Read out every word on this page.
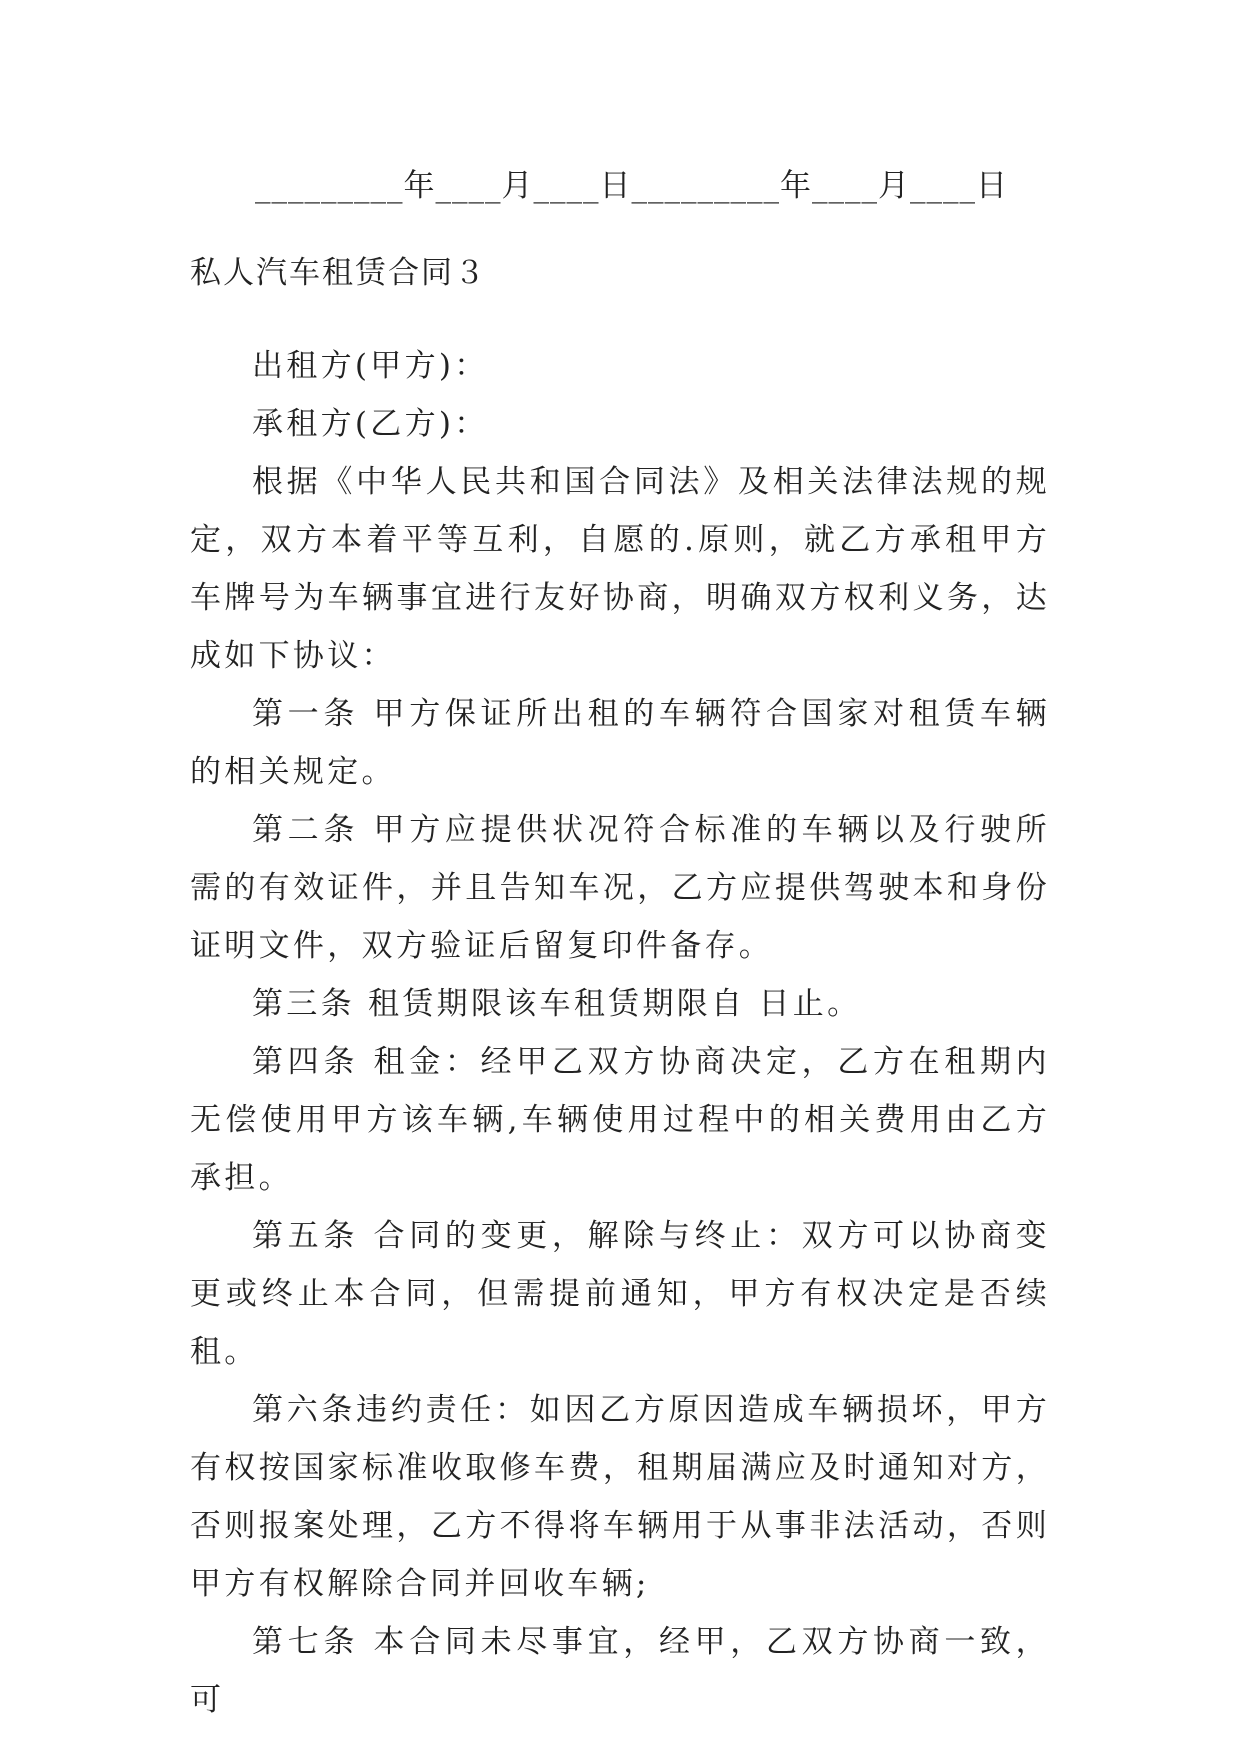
_________年____月____日_________年____月____日
私人汽车租赁合同３

出租方(甲方)：

承租方(乙方)：

根据《中华人民共和国合同法》及相关法律法规的规定，双方本着平等互利，自愿的.原则，就乙方承租甲方车牌号为车辆事宜进行友好协商，明确双方权利义务，达成如下协议：

第一条 甲方保证所出租的车辆符合国家对租赁车辆的相关规定。

第二条 甲方应提供状况符合标准的车辆以及行驶所需的有效证件，并且告知车况，乙方应提供驾驶本和身份证明文件，双方验证后留复印件备存。

第三条 租赁期限该车租赁期限自 日止。

第四条 租金：经甲乙双方协商决定，乙方在租期内无偿使用甲方该车辆,车辆使用过程中的相关费用由乙方承担。

第五条 合同的变更，解除与终止：双方可以协商变更或终止本合同，但需提前通知，甲方有权决定是否续租。

第六条违约责任：如因乙方原因造成车辆损坏，甲方有权按国家标准收取修车费，租期届满应及时通知对方，否则报案处理，乙方不得将车辆用于从事非法活动，否则甲方有权解除合同并回收车辆;

第七条 本合同未尽事宜，经甲，乙双方协商一致，可
